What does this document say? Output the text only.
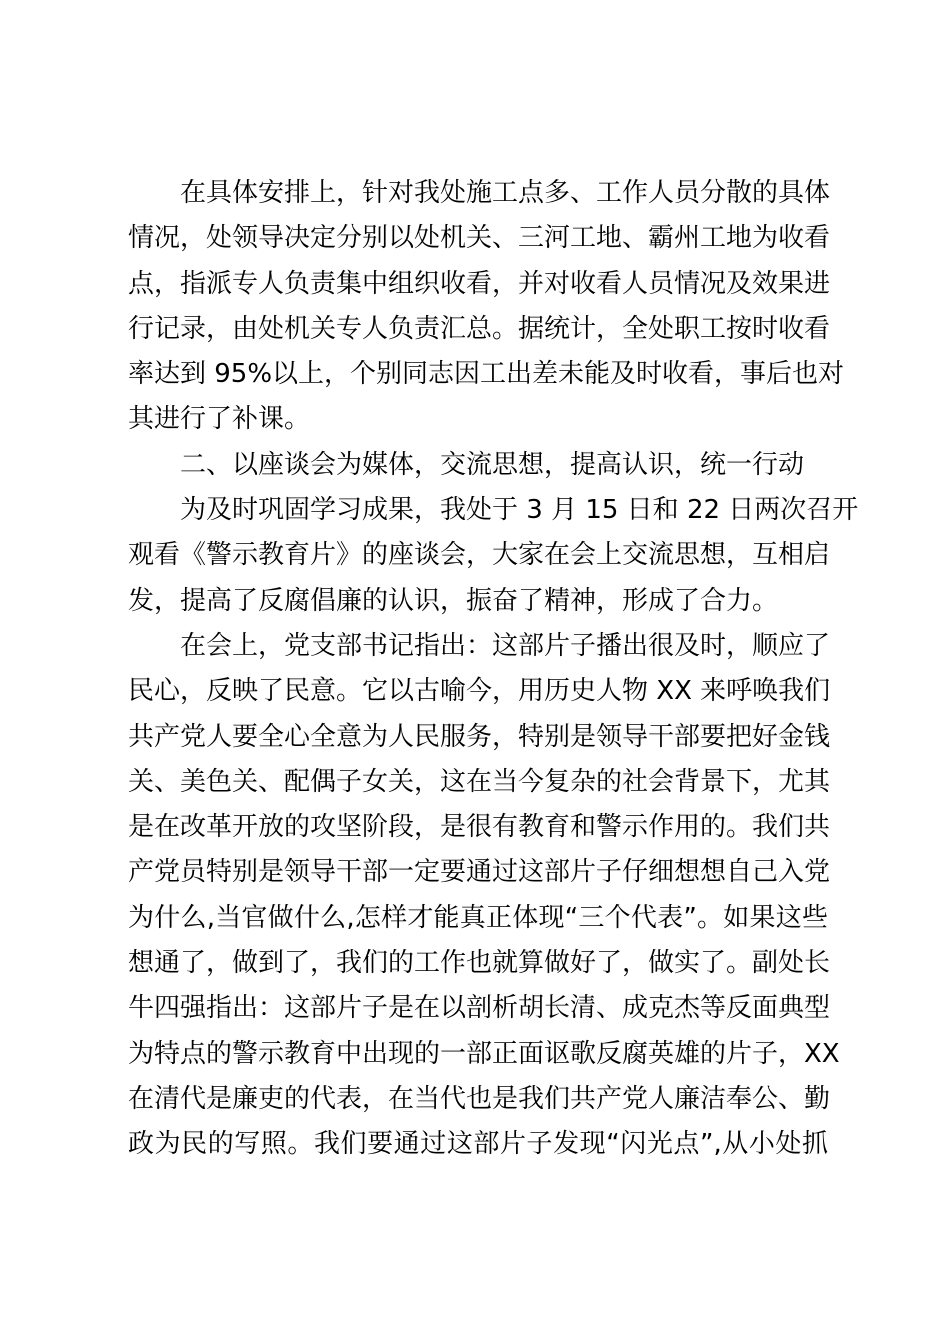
在具体安排上，针对我处施工点多、工作人员分散的具体
情况，处领导决定分别以处机关、三河工地、霸州工地为收看
点，指派专人负责集中组织收看，并对收看人员情况及效果进
行记录，由处机关专人负责汇总。据统计，全处职工按时收看
率达到 95%以上，个别同志因工出差未能及时收看，事后也对
其进行了补课。
二、以座谈会为媒体，交流思想，提高认识，统一行动
为及时巩固学习成果，我处于 3 月 15 日和 22 日两次召开
观看《警示教育片》的座谈会，大家在会上交流思想，互相启
发，提高了反腐倡廉的认识，振奋了精神，形成了合力。
在会上，党支部书记指出：这部片子播出很及时，顺应了
民心，反映了民意。它以古喻今，用历史人物 XX 来呼唤我们
共产党人要全心全意为人民服务，特别是领导干部要把好金钱
关、美色关、配偶子女关，这在当今复杂的社会背景下，尤其
是在改革开放的攻坚阶段，是很有教育和警示作用的。我们共
产党员特别是领导干部一定要通过这部片子仔细想想自己入党
为什么,当官做什么,怎样才能真正体现“三个代表”。如果这些
想通了，做到了，我们的工作也就算做好了，做实了。副处长
牛四强指出：这部片子是在以剖析胡长清、成克杰等反面典型
为特点的警示教育中出现的一部正面讴歌反腐英雄的片子，XX
在清代是廉吏的代表，在当代也是我们共产党人廉洁奉公、勤
政为民的写照。我们要通过这部片子发现“闪光点”,从小处抓
